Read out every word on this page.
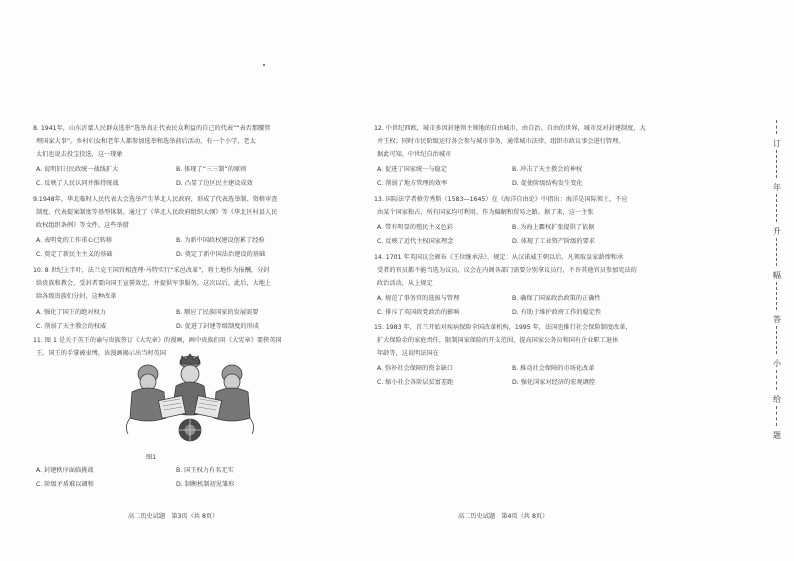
8. 1941年，山东沂蒙人民群众选举“选举真正代表民众利益的自己的代表”“表否那腰管
理国家大事”。乡村妇女和老年人都参加选举和选举前后活动，有一个小学，老太
太们也说去投宝投选，这一现象
A. 说明旧日民政统一战线扩大	B. 体现了“三三制”的原则
C. 反映了人民认同并维持统战	D. 凸显了边区民主建设成效
9.1948年，华北临时人民代表大会选举产生华北人民政府，形成了代表选举制、资格审查
制度、代表提案制度等基型体制。通过了《华北人民政府组织大纲》等《华北区村县人民
政权组织条例》等文件。这些举措
A. 表明党的工作重心已转移	B. 为新中国政权建设创累了经验
C. 奠定了新民主主义的基础	D. 奠定了新中国法治建设的基础
10. 8 世纪上半叶，法兰克王国宫相查理·马特实行“采邑改革”，将土地作为报酬，分封
给贵族和教会，受封者要向国王宣誓效忠，并提供军事服务。这次以后，此后，大地上
给各级贵族们分封，这种改革
A. 强化了国王的绝对权力	B. 顺应了民族国家的发展需要
C. 削弱了天主教会的权威	D. 促进了封建等级制度的形成
11. 图 1 是关于英王的谕与贵族签订《大宪章》的漫画，画中贵族们用《大宪章》要挟英国
王。国王的手掌被束缚，该漫画揭示出当时英国
图1
A. 封建秩序面临挑战	B. 国王权力有名无实
C. 阶级矛盾难以调和	D. 制衡机制初见雏形
高二历史试题　第3页（共 8页）
12. 中世纪西欧，城市多因封建领主领地的自由城市，由自治、自由的世界，城市反对封建制度，大
并王权；同时市民阶级运行各会参与城市事务，通常城市法律，组织市政议事会进行管理。
据此可知，中世纪自治城市
A. 促进了国家统一与稳定	B. 冲击了天主教会的神权
C. 削弱了地方管理的效率	D. 促使阶级结构发生变化
13. 国际法学者格劳秀斯（1583—1645）在《海洋自由论》中指出：海洋是国际领土，不应
由某个国家独占，所有国家均可利用，作为偏解和贸易之路。据了来，这一主张
A. 带有明显的殖民主义色彩	B. 为海上霸权扩张提供了依据
C. 反映了近代主权国家理念	D. 体现了工业资产阶级的要求
14. 1701 年英国议会颁布《王位继承法》，规定：从汉诺威王朝以后，凡领取皇家薪俸和承
受者的官员都不能当选为议员，议会在内阁各部门需要分别拿议员行，不许其他官员参加宪法的
政治活动，从上规定
A. 规范了事务官的选拔与管理	B. 确保了国家政治政策的正确性
C. 排斥了英国政党政治的影响	D. 有助于维护政府工作的稳定性
15. 1983 年，首兰开始对疾病保险全国改革机构，1995 年，法国也推行社会保险制度改革，
扩大保险金的家庭责任，限制国家保险的开支范围，提高国家公务员和国有企业职工退休
年龄等，这说明法国在
A. 弥补社会保障的资金缺口	B. 推动社会保障的市场化改革
C. 缩小社会各阶层贫富差距	D. 强化国家对经济的宏观调控
高二历史试题　第4页（共 8页）
订
年
升
幅
答
小
给
题
